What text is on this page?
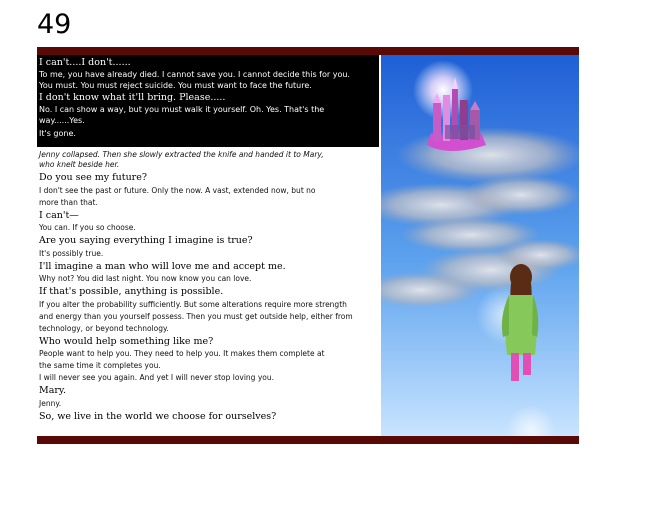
49
I can't....I don't......
To me, you have already died. I cannot save you. I cannot decide this for you.
You must. You must reject suicide. You must want to face the future.
I don't know what it'll bring. Please.....
No. I can show a way, but you must walk it yourself. Oh. Yes. That's the
way......Yes.
It's gone.
Jenny collapsed. Then she slowly extracted the knife and handed it to Mary,
who knelt beside her.
Do you see my future?
I don't see the past or future. Only the now. A vast, extended now, but no
more than that.
I can't—
You can. If you so choose.
Are you saying everything I imagine is true?
It's possibly true.
I'll imagine a man who will love me and accept me.
Why not? You did last night. You now know you can love.
If that's possible, anything is possible.
If you alter the probability sufficiently. But some alterations require more strength
and energy than you yourself possess. Then you must get outside help, either from
technology, or beyond technology.
Who would help something like me?
People want to help you. They need to help you. It makes them complete at
the same time it completes you.
I will never see you again. And yet I will never stop loving you.
Mary.
Jenny.
So, we live in the world we choose for ourselves?
